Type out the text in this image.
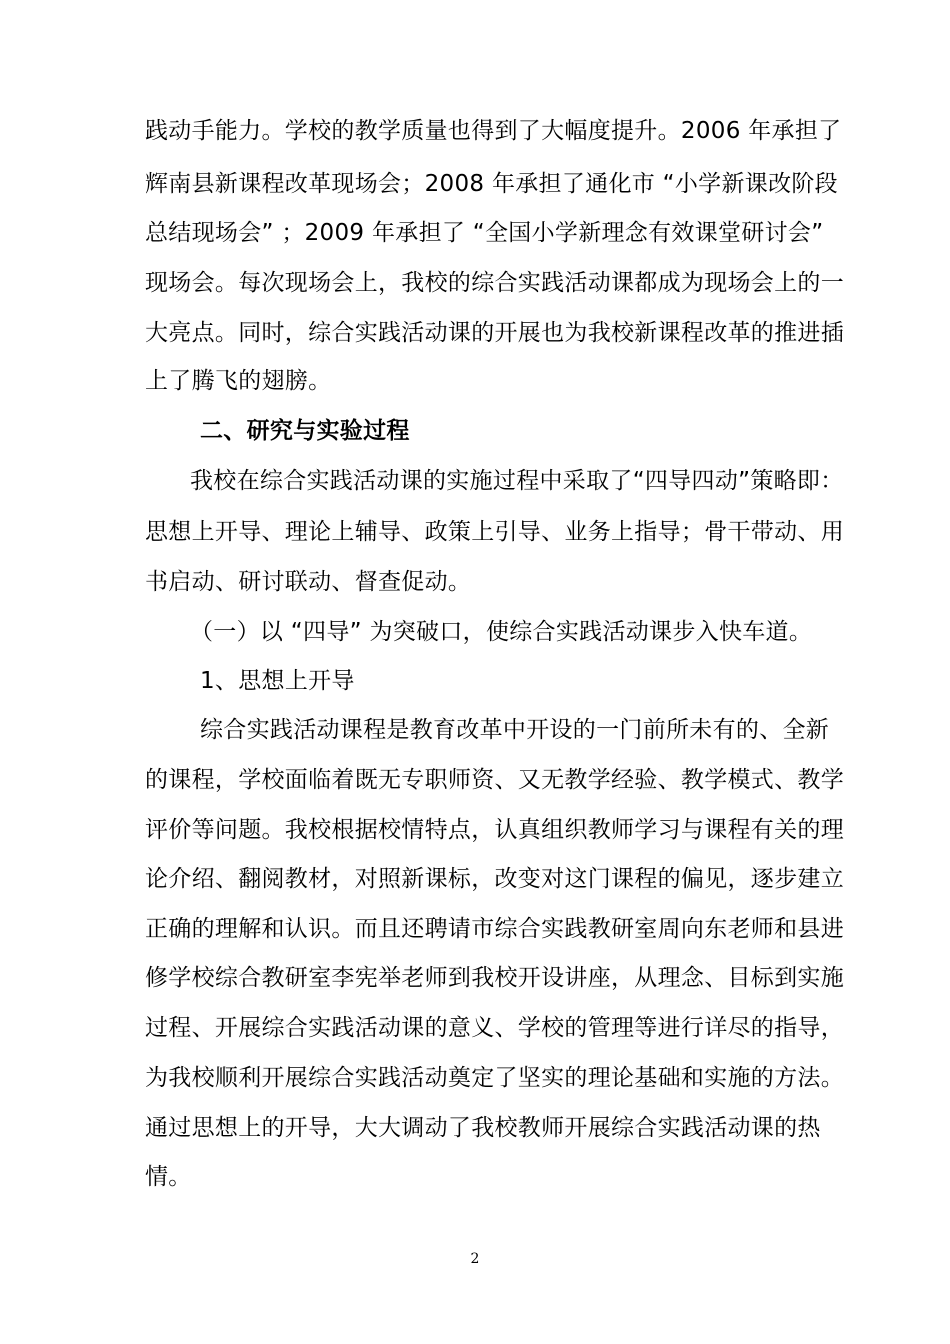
践动手能力。学校的教学质量也得到了大幅度提升。2006 年承担了
辉南县新课程改革现场会；2008 年承担了通化市 “小学新课改阶段
总结现场会” ；2009 年承担了 “全国小学新理念有效课堂研讨会”
现场会。每次现场会上，我校的综合实践活动课都成为现场会上的一
大亮点。同时，综合实践活动课的开展也为我校新课程改革的推进插
上了腾飞的翅膀。
二、研究与实验过程
我校在综合实践活动课的实施过程中采取了“四导四动”策略即：
思想上开导、理论上辅导、政策上引导、业务上指导；骨干带动、用
书启动、研讨联动、督查促动。
（一）以 “四导” 为突破口，使综合实践活动课步入快车道。
1、思想上开导
综合实践活动课程是教育改革中开设的一门前所未有的、全新
的课程，学校面临着既无专职师资、又无教学经验、教学模式、教学
评价等问题。我校根据校情特点，认真组织教师学习与课程有关的理
论介绍、翻阅教材，对照新课标，改变对这门课程的偏见，逐步建立
正确的理解和认识。而且还聘请市综合实践教研室周向东老师和县进
修学校综合教研室李宪举老师到我校开设讲座，从理念、目标到实施
过程、开展综合实践活动课的意义、学校的管理等进行详尽的指导，
为我校顺利开展综合实践活动奠定了坚实的理论基础和实施的方法。
通过思想上的开导，大大调动了我校教师开展综合实践活动课的热
情。
2
